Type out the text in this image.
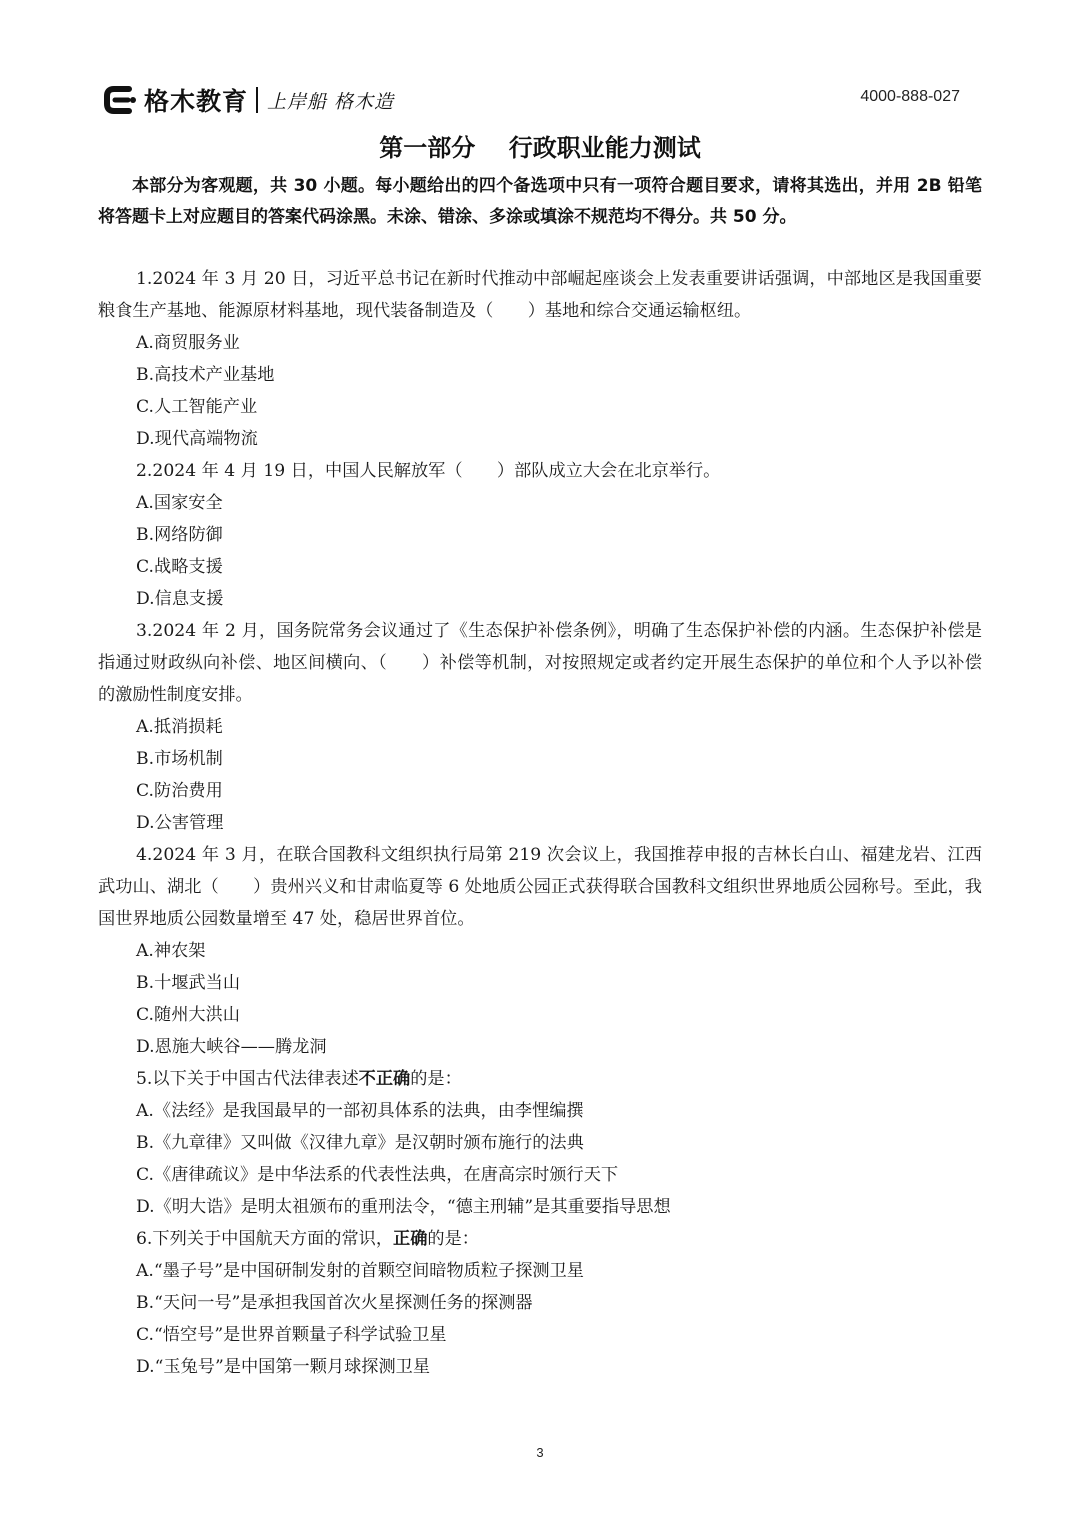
格木教育 上岸船 格木造	4000-888-027
第一部分    行政职业能力测试

本部分为客观题，共 30 小题。每小题给出的四个备选项中只有一项符合题目要求，请将其选出，并用 2B 铅笔将答题卡上对应题目的答案代码涂黑。未涂、错涂、多涂或填涂不规范均不得分。共 50 分。

1.2024 年 3 月 20 日，习近平总书记在新时代推动中部崛起座谈会上发表重要讲话强调，中部地区是我国重要粮食生产基地、能源原材料基地，现代装备制造及（　　）基地和综合交通运输枢纽。

A.商贸服务业

B.高技术产业基地

C.人工智能产业

D.现代高端物流

2.2024 年 4 月 19 日，中国人民解放军（　　）部队成立大会在北京举行。

A.国家安全

B.网络防御

C.战略支援

D.信息支援

3.2024 年 2 月，国务院常务会议通过了《生态保护补偿条例》，明确了生态保护补偿的内涵。生态保护补偿是指通过财政纵向补偿、地区间横向、（　　）补偿等机制，对按照规定或者约定开展生态保护的单位和个人予以补偿的激励性制度安排。

A.抵消损耗

B.市场机制

C.防治费用

D.公害管理

4.2024 年 3 月，在联合国教科文组织执行局第 219 次会议上，我国推荐申报的吉林长白山、福建龙岩、江西武功山、湖北（　　）贵州兴义和甘肃临夏等 6 处地质公园正式获得联合国教科文组织世界地质公园称号。至此，我国世界地质公园数量增至 47 处，稳居世界首位。

A.神农架

B.十堰武当山

C.随州大洪山

D.恩施大峡谷——腾龙洞

5.以下关于中国古代法律表述不正确的是：

A.《法经》是我国最早的一部初具体系的法典，由李悝编撰

B.《九章律》又叫做《汉律九章》是汉朝时颁布施行的法典

C.《唐律疏议》是中华法系的代表性法典，在唐高宗时颁行天下

D.《明大诰》是明太祖颁布的重刑法令，“德主刑辅”是其重要指导思想

6.下列关于中国航天方面的常识，正确的是：

A.“墨子号”是中国研制发射的首颗空间暗物质粒子探测卫星

B.“天问一号”是承担我国首次火星探测任务的探测器

C.“悟空号”是世界首颗量子科学试验卫星

D.“玉兔号”是中国第一颗月球探测卫星

3
